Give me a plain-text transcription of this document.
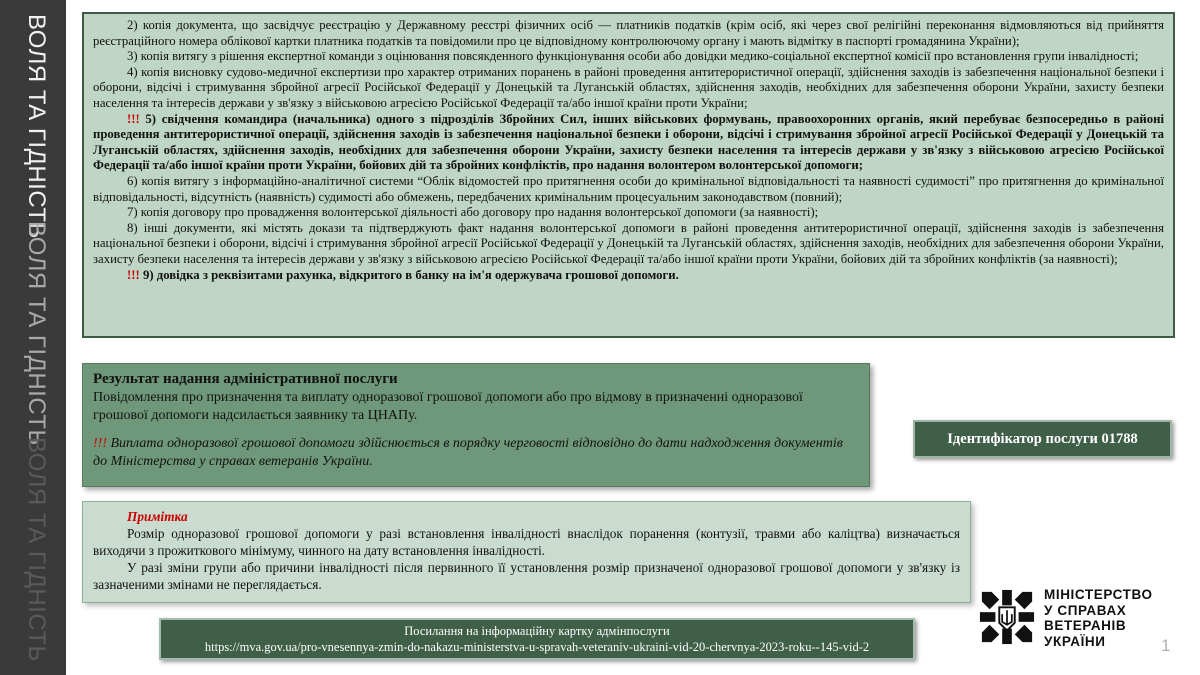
ВОЛЯ ТА ГІДНІСТЬ
ВОЛЯ ТА ГІДНІСТЬ
ВОЛЯ ТА ГІДНІСТЬ

2) копія документа, що засвідчує реєстрацію у Державному реєстрі фізичних осіб — платників податків (крім осіб, які через свої релігійні переконання відмовляються від прийняття реєстраційного номера облікової картки платника податків та повідомили про це відповідному контролюючому органу і мають відмітку в паспорті громадянина України);

3) копія витягу з рішення експертної команди з оцінювання повсякденного функціонування особи або довідки медико-соціальної експертної комісії про встановлення групи інвалідності;

4) копія висновку судово-медичної експертизи про характер отриманих поранень в районі проведення антитерористичної операції, здійснення заходів із забезпечення національної безпеки і оборони, відсічі і стримування збройної агресії Російської Федерації у Донецькій та Луганській областях, здійснення заходів, необхідних для забезпечення оборони України, захисту безпеки населення та інтересів держави у зв'язку з військовою агресією Російської Федерації та/або іншої країни проти України;

!!! 5) свідчення командира (начальника) одного з підрозділів Збройних Сил, інших військових формувань, правоохоронних органів, який перебуває безпосередньо в районі проведення антитерористичної операції, здійснення заходів із забезпечення національної безпеки і оборони, відсічі і стримування збройної агресії Російської Федерації у Донецькій та Луганській областях, здійснення заходів, необхідних для забезпечення оборони України, захисту безпеки населення та інтересів держави у зв'язку з військовою агресією Російської Федерації та/або іншої країни проти України, бойових дій та збройних конфліктів, про надання волонтером волонтерської допомоги;

6) копія витягу з інформаційно-аналітичної системи “Облік відомостей про притягнення особи до кримінальної відповідальності та наявності судимості” про притягнення до кримінальної відповідальності, відсутність (наявність) судимості або обмежень, передбачених кримінальним процесуальним законодавством (повний);

7) копія договору про провадження волонтерської діяльності або договору про надання волонтерської допомоги (за наявності);

8) інші документи, які містять докази та підтверджують факт надання волонтерської допомоги в районі проведення антитерористичної операції, здійснення заходів із забезпечення національної безпеки і оборони, відсічі і стримування збройної агресії Російської Федерації у Донецькій та Луганській областях, здійснення заходів, необхідних для забезпечення оборони України, захисту безпеки населення та інтересів держави у зв'язку з військовою агресією Російської Федерації та/або іншої країни проти України, бойових дій та збройних конфліктів (за наявності);

!!! 9) довідка з реквізитами рахунка, відкритого в банку на ім'я одержувача грошової допомоги.

Результат надання адміністративної послуги
Повідомлення про призначення та виплату одноразової грошової допомоги або про відмову в призначенні одноразової грошової допомоги надсилається заявнику та ЦНАПу.
!!! Виплата одноразової грошової допомоги здійснюється в порядку черговості відповідно до дати надходження документів до Міністерства у справах ветеранів України.
Ідентифікатор послуги 01788
Примітка

Розмір одноразової грошової допомоги у разі встановлення інвалідності внаслідок поранення (контузії, травми або каліцтва) визначається виходячи з прожиткового мінімуму, чинного на дату встановлення інвалідності.

У разі зміни групи або причини інвалідності після первинного її установлення розмір призначеної одноразової грошової допомоги у зв'язку із зазначеними змінами не переглядається.

Посилання на інформаційну картку адмінпослуги
https://mva.gov.ua/pro-vnesennya-zmin-do-nakazu-ministerstva-u-spravah-veteraniv-ukrainі-vid-20-chervnya-2023-roku--145-vid-2
МІНІСТЕРСТВО
У СПРАВАХ
ВЕТЕРАНІВ
УКРАЇНИ	1
